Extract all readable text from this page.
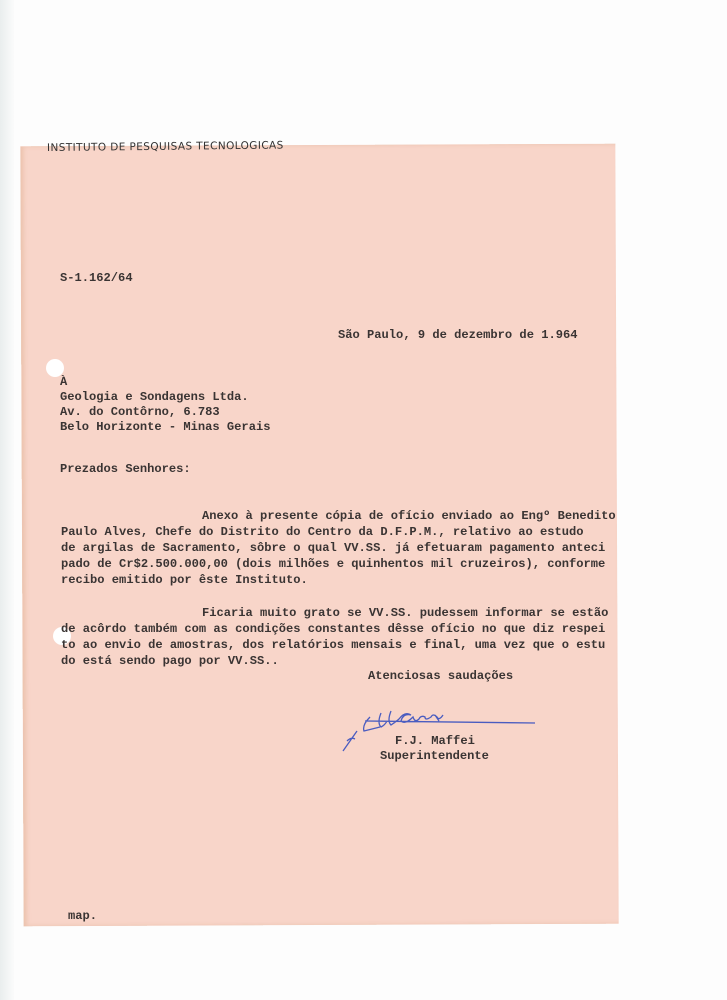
INSTITUTO DE PESQUISAS TECNOLOGICAS
S-1.162/64
São Paulo, 9 de dezembro de 1.964
À
Geologia e Sondagens Ltda.
Av. do Contôrno, 6.783
Belo Horizonte - Minas Gerais
Prezados Senhores:
Anexo à presente cópia de ofício enviado ao Engº Benedito
Paulo Alves, Chefe do Distrito do Centro da D.F.P.M., relativo ao estudo
de argilas de Sacramento, sôbre o qual VV.SS. já efetuaram pagamento anteci
pado de Cr$2.500.000,00 (dois milhões e quinhentos mil cruzeiros), conforme
recibo emitido por êste Instituto.
Ficaria muito grato se VV.SS. pudessem informar se estão
de acôrdo também com as condições constantes dêsse ofício no que diz respei
to ao envio de amostras, dos relatórios mensais e final, uma vez que o estu
do está sendo pago por VV.SS..
Atenciosas saudações
F.J. Maffei
Superintendente
map.
